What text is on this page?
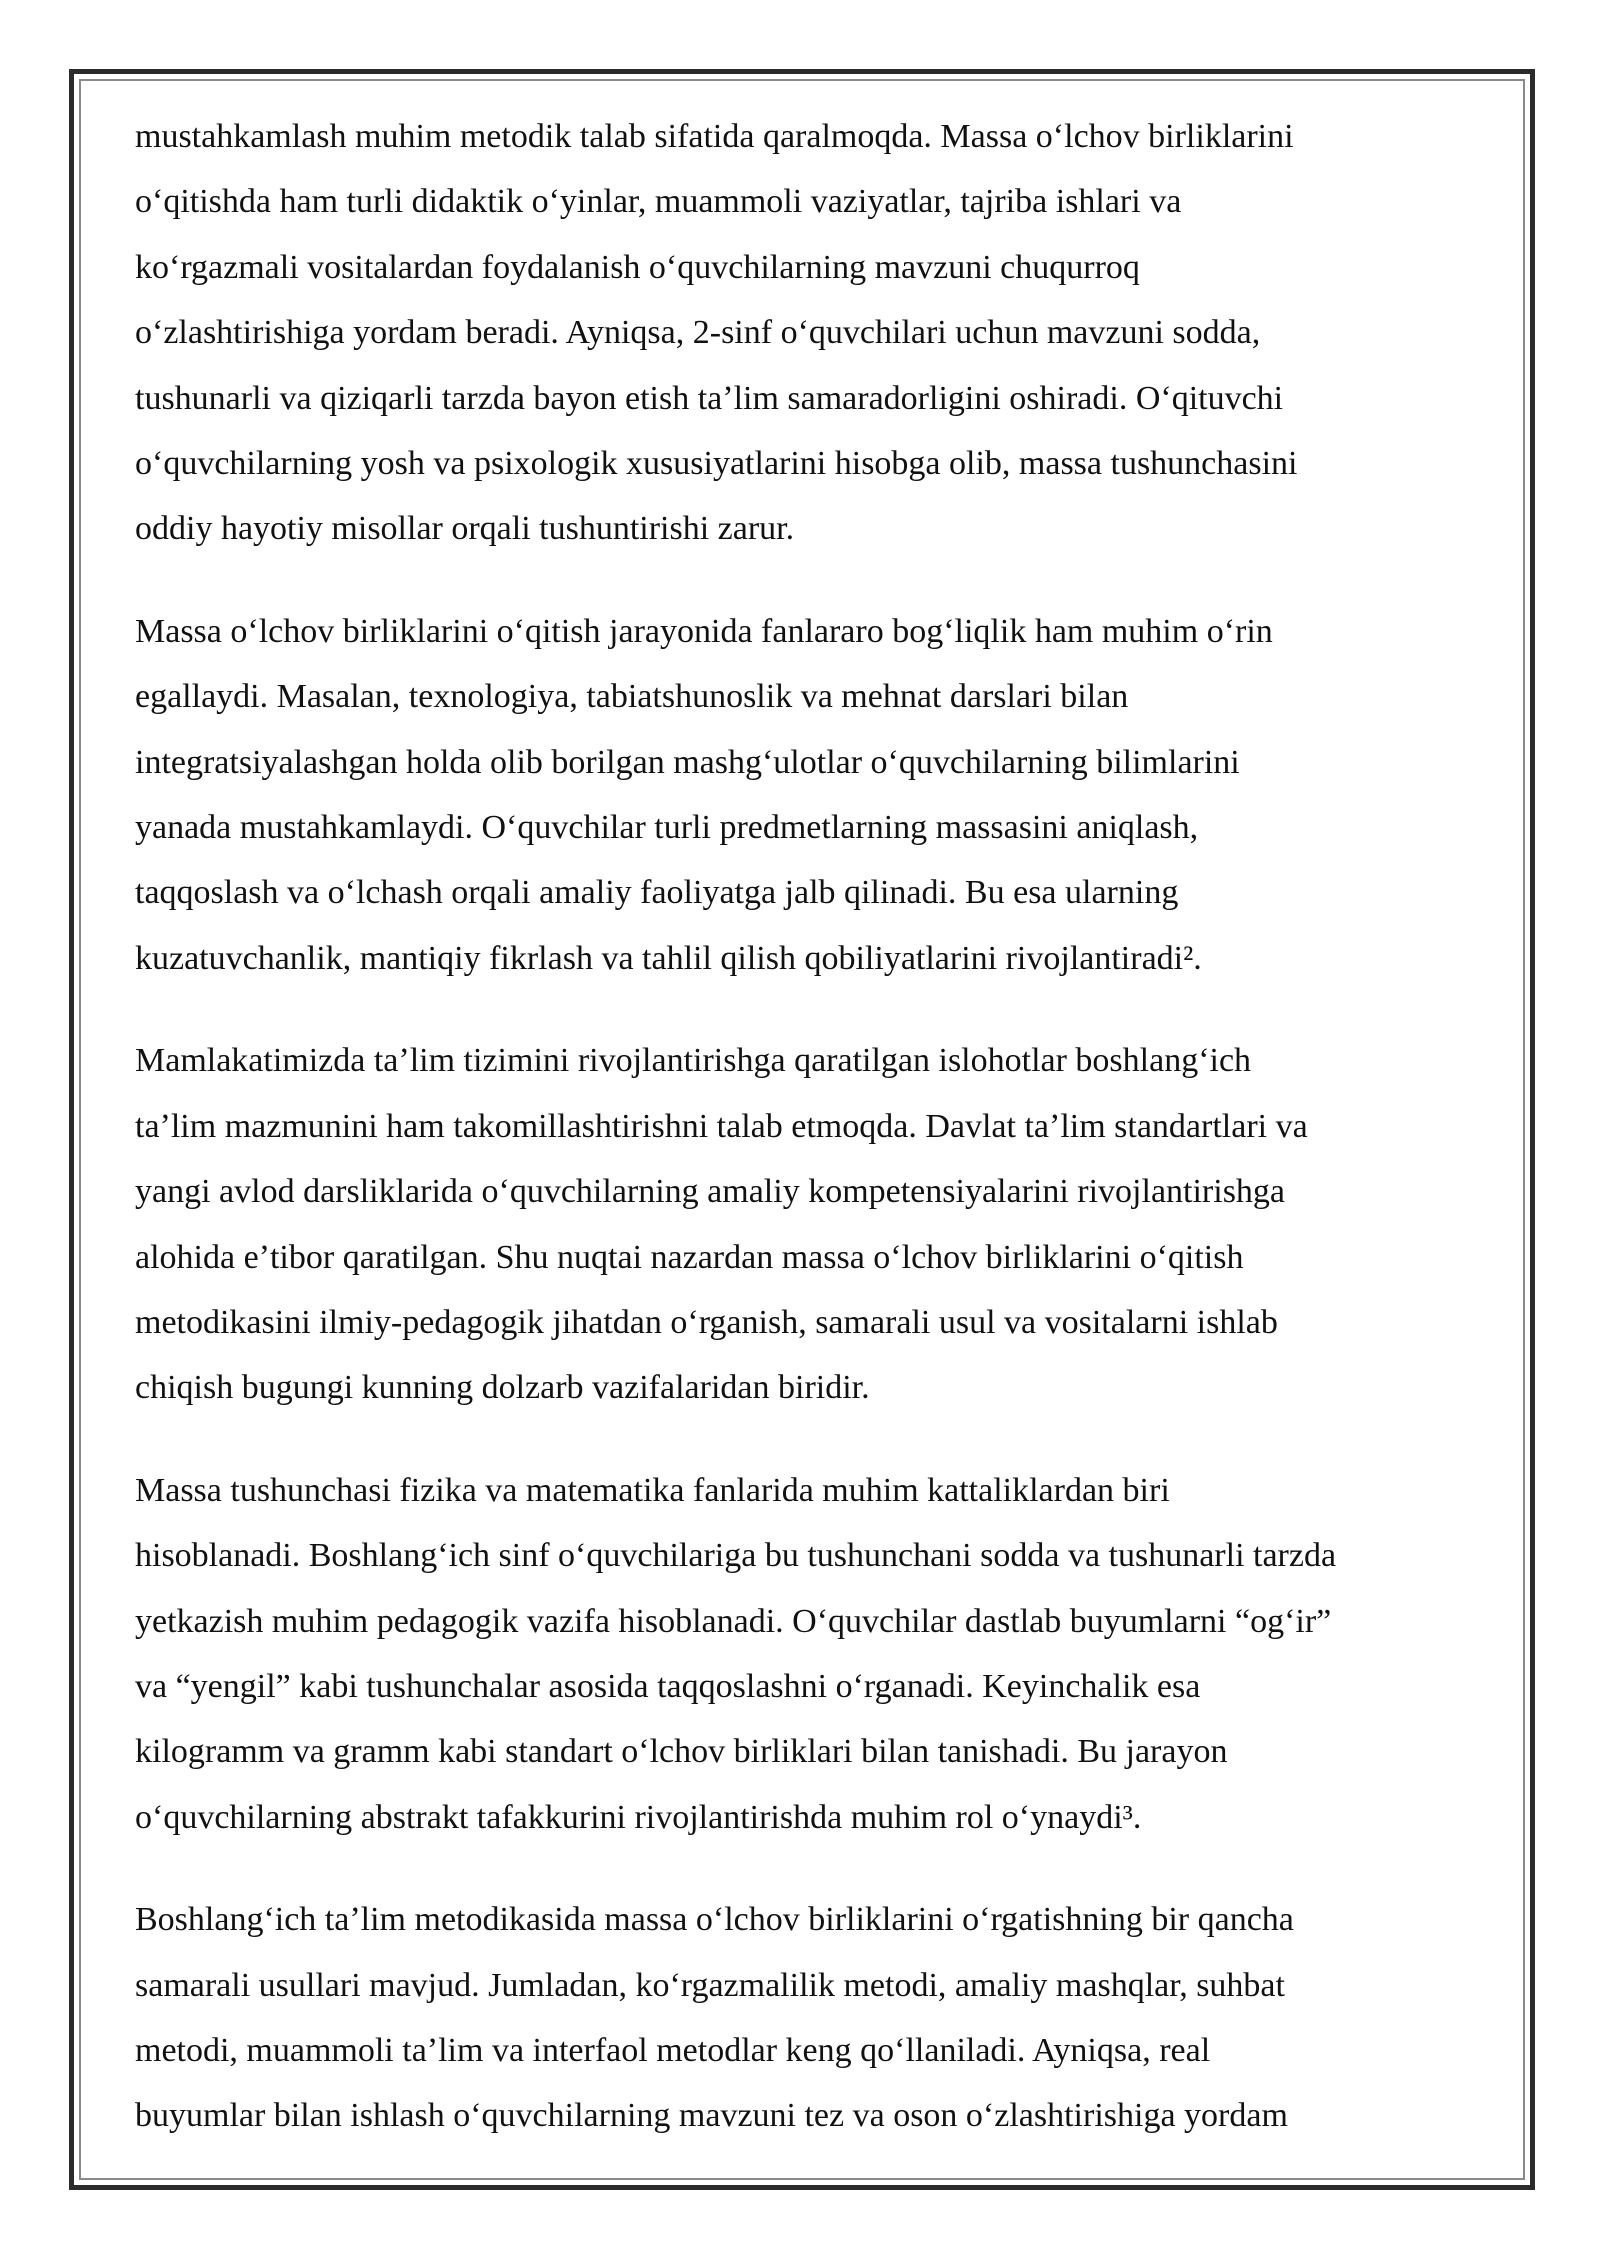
mustahkamlash muhim metodik talab sifatida qaralmoqda. Massa oʻlchov birliklarini
oʻqitishda ham turli didaktik oʻyinlar, muammoli vaziyatlar, tajriba ishlari va
koʻrgazmali vositalardan foydalanish oʻquvchilarning mavzuni chuqurroq
oʻzlashtirishiga yordam beradi. Ayniqsa, 2-sinf oʻquvchilari uchun mavzuni sodda,
tushunarli va qiziqarli tarzda bayon etish taʼlim samaradorligini oshiradi. Oʻqituvchi
oʻquvchilarning yosh va psixologik xususiyatlarini hisobga olib, massa tushunchasini
oddiy hayotiy misollar orqali tushuntirishi zarur.

Massa oʻlchov birliklarini oʻqitish jarayonida fanlararo bogʻliqlik ham muhim oʻrin
egallaydi. Masalan, texnologiya, tabiatshunoslik va mehnat darslari bilan
integratsiyalashgan holda olib borilgan mashgʻulotlar oʻquvchilarning bilimlarini
yanada mustahkamlaydi. Oʻquvchilar turli predmetlarning massasini aniqlash,
taqqoslash va oʻlchash orqali amaliy faoliyatga jalb qilinadi. Bu esa ularning
kuzatuvchanlik, mantiqiy fikrlash va tahlil qilish qobiliyatlarini rivojlantiradi².

Mamlakatimizda taʼlim tizimini rivojlantirishga qaratilgan islohotlar boshlangʻich
taʼlim mazmunini ham takomillashtirishni talab etmoqda. Davlat taʼlim standartlari va
yangi avlod darsliklarida oʻquvchilarning amaliy kompetensiyalarini rivojlantirishga
alohida eʼtibor qaratilgan. Shu nuqtai nazardan massa oʻlchov birliklarini oʻqitish
metodikasini ilmiy-pedagogik jihatdan oʻrganish, samarali usul va vositalarni ishlab
chiqish bugungi kunning dolzarb vazifalaridan biridir.

Massa tushunchasi fizika va matematika fanlarida muhim kattaliklardan biri
hisoblanadi. Boshlangʻich sinf oʻquvchilariga bu tushunchani sodda va tushunarli tarzda
yetkazish muhim pedagogik vazifa hisoblanadi. Oʻquvchilar dastlab buyumlarni “ogʻir”
va “yengil” kabi tushunchalar asosida taqqoslashni oʻrganadi. Keyinchalik esa
kilogramm va gramm kabi standart oʻlchov birliklari bilan tanishadi. Bu jarayon
oʻquvchilarning abstrakt tafakkurini rivojlantirishda muhim rol oʻynaydi³.

Boshlangʻich taʼlim metodikasida massa oʻlchov birliklarini oʻrgatishning bir qancha
samarali usullari mavjud. Jumladan, koʻrgazmalilik metodi, amaliy mashqlar, suhbat
metodi, muammoli taʼlim va interfaol metodlar keng qoʻllaniladi. Ayniqsa, real
buyumlar bilan ishlash oʻquvchilarning mavzuni tez va oson oʻzlashtirishiga yordam
